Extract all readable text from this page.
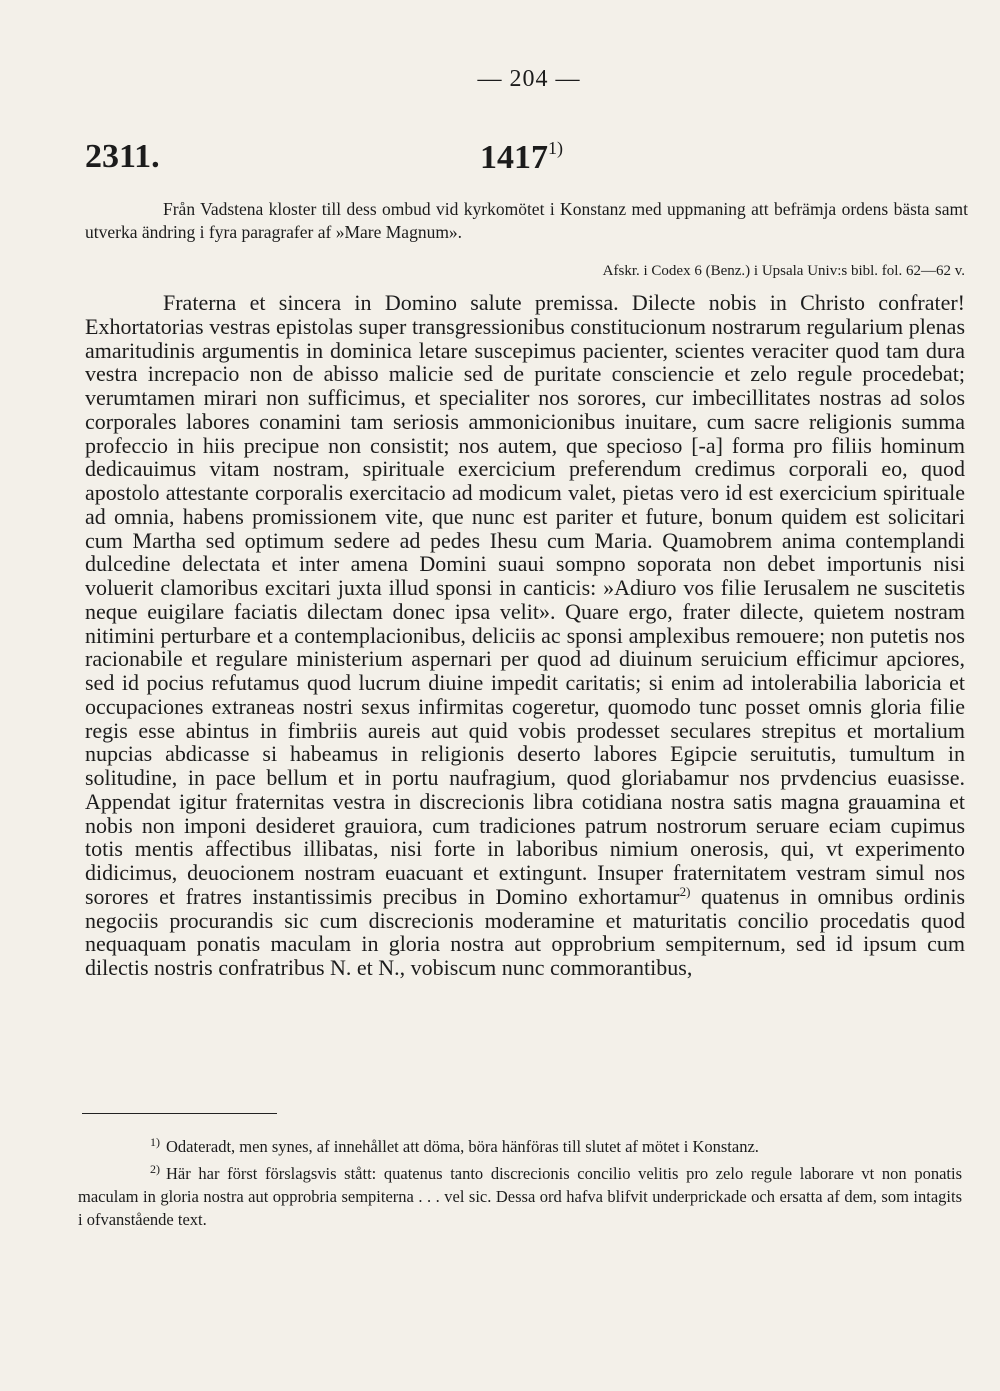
— 204 —
2311.	1417$^{1)}$
Från Vadstena kloster till dess ombud vid kyrkomötet i Konstanz med uppmaning att befrämja ordens bästa samt utverka ändring i fyra paragrafer af »Mare Magnum».
Afskr. i Codex 6 (Benz.) i Upsala Univ:s bibl. fol. 62—62 v.
Fraterna et sincera in Domino salute premissa. Dilecte nobis in Christo confrater! Exhortatorias vestras epistolas super transgressionibus constitucionum nostrarum regularium plenas amaritudinis argumentis in dominica letare suscepimus pacienter, scientes veraciter quod tam dura vestra increpacio non de abisso malicie sed de puritate consciencie et zelo regule procedebat; verumtamen mirari non sufficimus, et specialiter nos sorores, cur imbecillitates nostras ad solos corporales labores conamini tam seriosis ammonicionibus inuitare, cum sacre religionis summa profeccio in hiis precipue non consistit; nos autem, que specioso [-a] forma pro filiis hominum dedicauimus vitam nostram, spirituale exercicium preferendum credimus corporali eo, quod apostolo attestante corporalis exercitacio ad modicum valet, pietas vero id est exercicium spirituale ad omnia, habens promissionem vite, que nunc est pariter et future, bonum quidem est solicitari cum Martha sed optimum sedere ad pedes Ihesu cum Maria. Quamobrem anima contemplandi dulcedine delectata et inter amena Domini suaui sompno soporata non debet importunis nisi voluerit clamoribus excitari juxta illud sponsi in canticis: »Adiuro vos filie Ierusalem ne suscitetis neque euigilare faciatis dilectam donec ipsa velit». Quare ergo, frater dilecte, quietem nostram nitimini perturbare et a contemplacionibus, deliciis ac sponsi amplexibus remouere; non putetis nos racionabile et regulare ministerium aspernari per quod ad diuinum seruicium efficimur apciores, sed id pocius refutamus quod lucrum diuine impedit caritatis; si enim ad intolerabilia laboricia et occupaciones extraneas nostri sexus infirmitas cogeretur, quomodo tunc posset omnis gloria filie regis esse abintus in fimbriis aureis aut quid vobis prodesset seculares strepitus et mortalium nupcias abdicasse si habeamus in religionis deserto labores Egipcie seruitutis, tumultum in solitudine, in pace bellum et in portu naufragium, quod gloriabamur nos prvdencius euasisse. Appendat igitur fraternitas vestra in discrecionis libra cotidiana nostra satis magna grauamina et nobis non imponi desideret grauiora, cum tradiciones patrum nostrorum seruare eciam cupimus totis mentis affectibus illibatas, nisi forte in laboribus nimium onerosis, qui, vt experimento didicimus, deuocionem nostram euacuant et extingunt. Insuper fraternitatem vestram simul nos sorores et fratres instantissimis precibus in Domino exhortamur$^{2)}$ quatenus in omnibus ordinis negociis procurandis sic cum discrecionis moderamine et maturitatis concilio procedatis quod nequaquam ponatis maculam in gloria nostra aut opprobrium sempiternum, sed id ipsum cum dilectis nostris confratribus N. et N., vobiscum nunc commorantibus,

$^{1)}$ Odateradt, men synes, af innehållet att döma, böra hänföras till slutet af mötet i Konstanz.

$^{2)}$ Här har först förslagsvis stått: quatenus tanto discrecionis concilio velitis pro zelo regule laborare vt non ponatis maculam in gloria nostra aut opprobria sempiterna . . . vel sic. Dessa ord hafva blifvit underprickade och ersatta af dem, som intagits i ofvanstående text.
